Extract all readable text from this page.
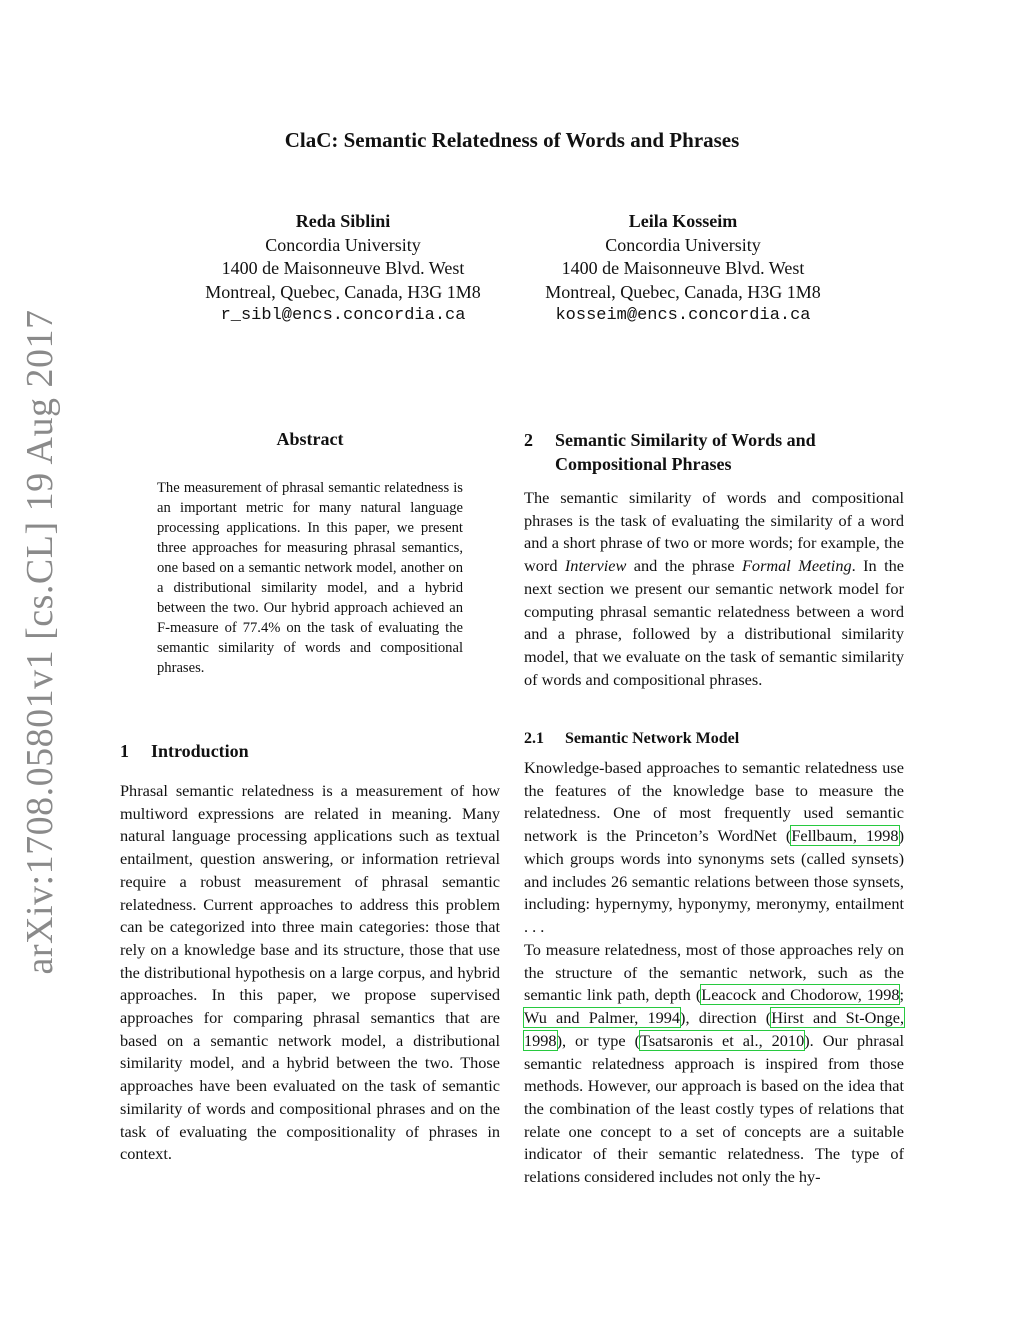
arXiv:1708.05801v1 [cs.CL] 19 Aug 2017
ClaC: Semantic Relatedness of Words and Phrases
Reda Siblini
Concordia University
1400 de Maisonneuve Blvd. West
Montreal, Quebec, Canada, H3G 1M8
r_sibl@encs.concordia.ca
Leila Kosseim
Concordia University
1400 de Maisonneuve Blvd. West
Montreal, Quebec, Canada, H3G 1M8
kosseim@encs.concordia.ca
Abstract
The measurement of phrasal semantic relatedness is an important metric for many natural language processing applications. In this paper, we present three approaches for measuring phrasal semantics, one based on a semantic network model, another on a distributional similarity model, and a hybrid between the two. Our hybrid approach achieved an F-measure of 77.4% on the task of evaluating the semantic similarity of words and compositional phrases.
1	Introduction

Phrasal semantic relatedness is a measurement of how multiword expressions are related in meaning. Many natural language processing applications such as textual entailment, question answering, or information retrieval require a robust measurement of phrasal semantic relatedness. Current approaches to address this problem can be categorized into three main categories: those that rely on a knowledge base and its structure, those that use the distributional hypothesis on a large corpus, and hybrid approaches. In this paper, we propose supervised approaches for comparing phrasal semantics that are based on a semantic network model, a distributional similarity model, and a hybrid between the two. Those approaches have been evaluated on the task of semantic similarity of words and compositional phrases and on the task of evaluating the compositionality of phrases in context.

2	Semantic Similarity of Words and
Compositional Phrases

The semantic similarity of words and compositional phrases is the task of evaluating the similarity of a word and a short phrase of two or more words; for example, the word Interview and the phrase Formal Meeting. In the next section we present our semantic network model for computing phrasal semantic relatedness between a word and a phrase, followed by a distributional similarity model, that we evaluate on the task of semantic similarity of words and compositional phrases.

2.1	Semantic Network Model

Knowledge-based approaches to semantic relatedness use the features of the knowledge base to measure the relatedness. One of most frequently used semantic network is the Princeton’s WordNet (Fellbaum, 1998) which groups words into synonyms sets (called synsets) and includes 26 semantic relations between those synsets, including: hypernymy, hyponymy, meronymy, entailment . . .

To measure relatedness, most of those approaches rely on the structure of the semantic network, such as the semantic link path, depth (Leacock and Chodorow, 1998; Wu and Palmer, 1994), direction (Hirst and St-Onge, 1998), or type (Tsatsaronis et al., 2010). Our phrasal semantic relatedness approach is inspired from those methods. However, our approach is based on the idea that the combination of the least costly types of relations that relate one concept to a set of concepts are a suitable indicator of their semantic relatedness. The type of relations considered includes not only the hy-
